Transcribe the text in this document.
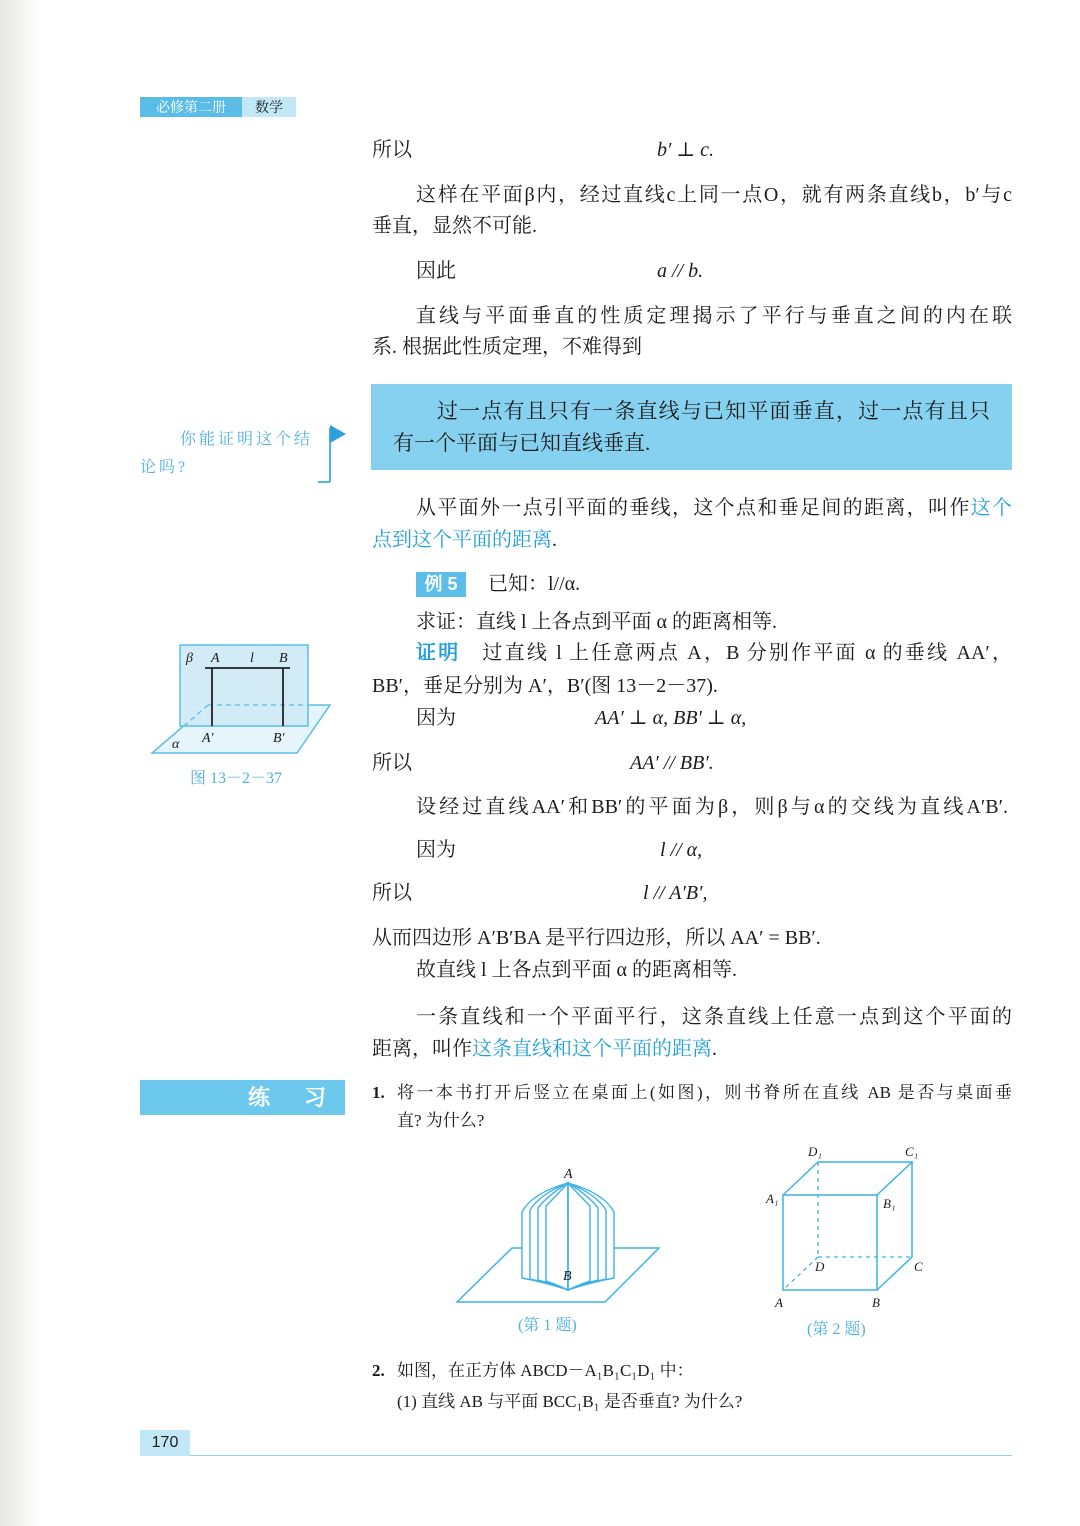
必修第二册	数学
所以	b′ ⊥ c.
这样在平面β内，经过直线c上同一点O，就有两条直线b，b′与c
垂直，显然不可能.
因此	a // b.
直线与平面垂直的性质定理揭示了平行与垂直之间的内在联
系. 根据此性质定理，不难得到
过一点有且只有一条直线与已知平面垂直，过一点有且只
有一个平面与已知直线垂直.
你能证明这个结
论吗?
从平面外一点引平面的垂线，这个点和垂足间的距离，叫作这个
点到这个平面的距离.
例 5	已知：l//α.
求证：直线 l 上各点到平面 α 的距离相等.
证明 过直线 l 上任意两点 A，B 分别作平面 α 的垂线 AA′，
BB′，垂足分别为 A′，B′(图 13－2－37).
因为	AA′ ⊥ α, BB′ ⊥ α,
所以	AA′ // BB′.
设经过直线AA′和BB′的平面为β，则β与α的交线为直线A′B′.
因为	l // α,
所以	l // A′B′,
从而四边形 A′B′BA 是平行四边形，所以 AA′ = BB′.
故直线 l 上各点到平面 α 的距离相等.
一条直线和一个平面平行，这条直线上任意一点到这个平面的
距离，叫作这条直线和这个平面的距离.
β A l B
α A′	B′
图 13－2－37
练　习 1. 将一本书打开后竖立在桌面上(如图)，则书脊所在直线 AB 是否与桌面垂
直? 为什么?
A
B
(第 1 题)
D₁	C₁
A₁	B₁
D	C
A	B
(第 2 题)
2. 如图，在正方体 ABCD－A₁B₁C₁D₁ 中：
(1) 直线 AB 与平面 BCC₁B₁ 是否垂直? 为什么?
170
